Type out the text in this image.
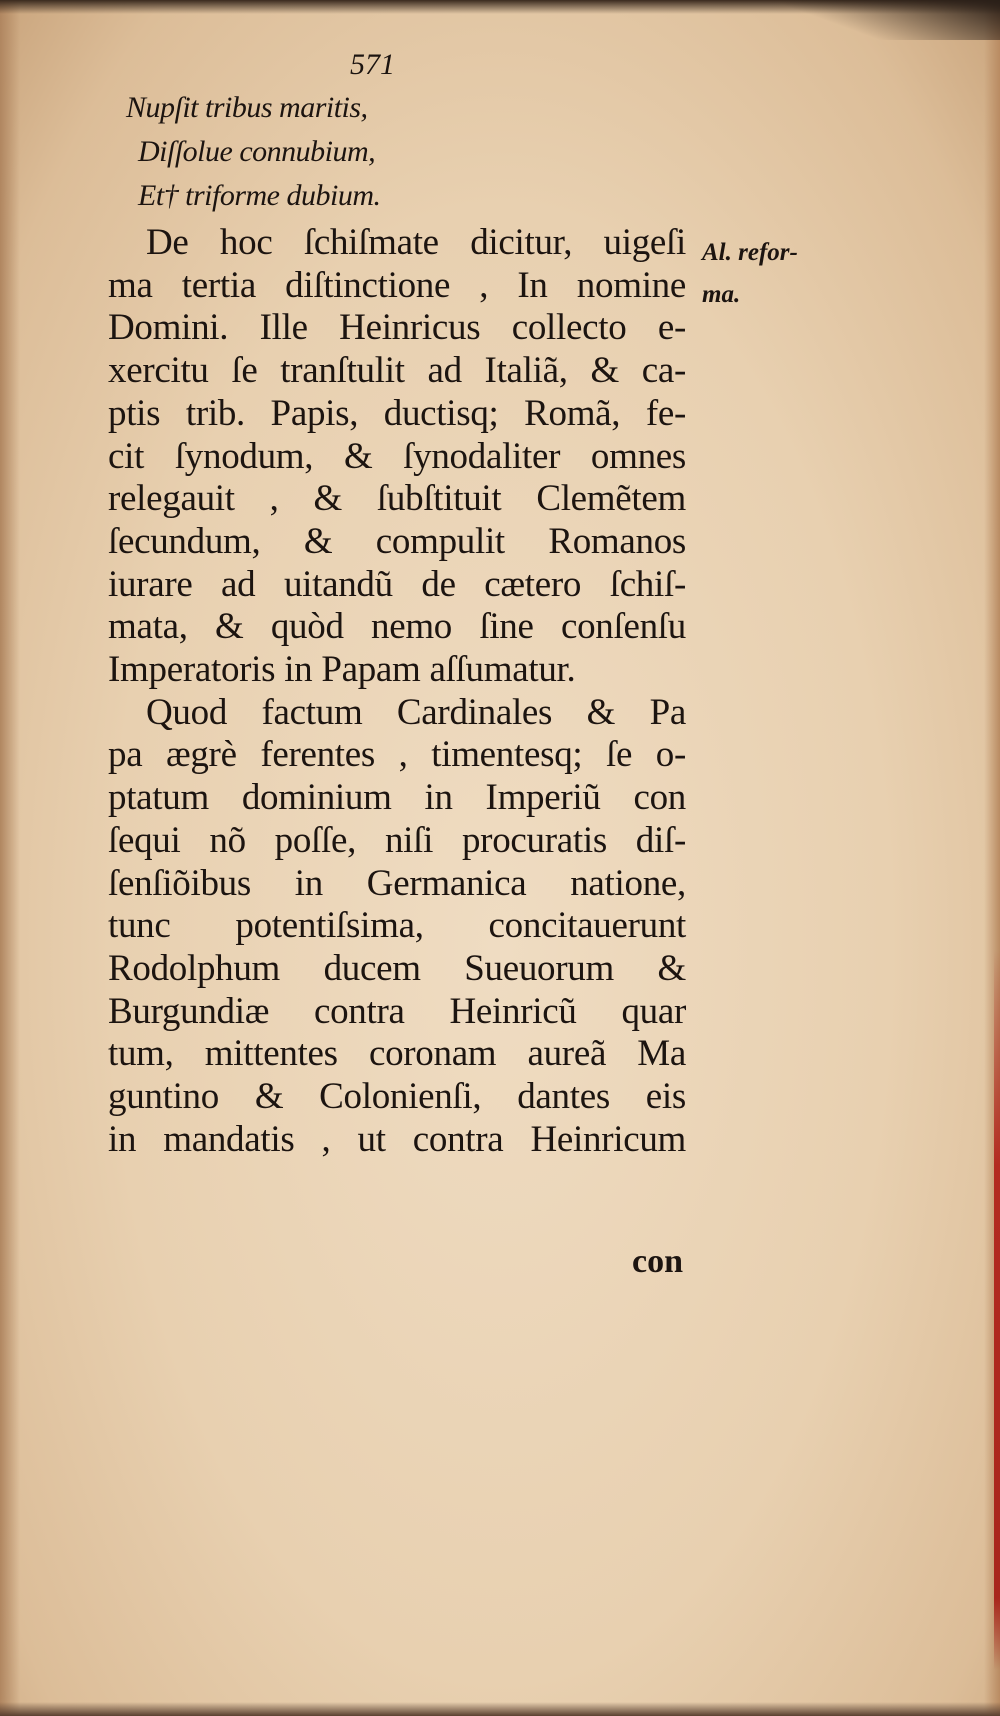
571
Nupſit tribus maritis,
Diſſolue connubium,
Et† triforme dubium.
De hoc ſchiſmate dicitur, uigeſi
ma tertia diſtinctione , In nomine
Domini. Ille Heinricus collecto e-
xercitu ſe tranſtulit ad Italiã, & ca-
ptis trib. Papis, ductisq; Romã, fe-
cit ſynodum, & ſynodaliter omnes
relegauit , & ſubſtituit Clemẽtem
ſecundum, & compulit Romanos
iurare ad uitandũ de cætero ſchiſ-
mata, & quòd nemo ſine conſenſu
Imperatoris in Papam aſſumatur.
Quod factum Cardinales & Pa
pa ægrè ferentes , timentesq; ſe o-
ptatum dominium in Imperiũ con
ſequi nõ poſſe, niſi procuratis diſ-
ſenſiõibus in Germanica natione,
tunc potentiſsima, concitauerunt
Rodolphum ducem Sueuorum &
Burgundiæ contra Heinricũ quar
tum, mittentes coronam aureã Ma
guntino & Colonienſi, dantes eis
in mandatis , ut contra Heinricum
Al. refor-
ma.
con
